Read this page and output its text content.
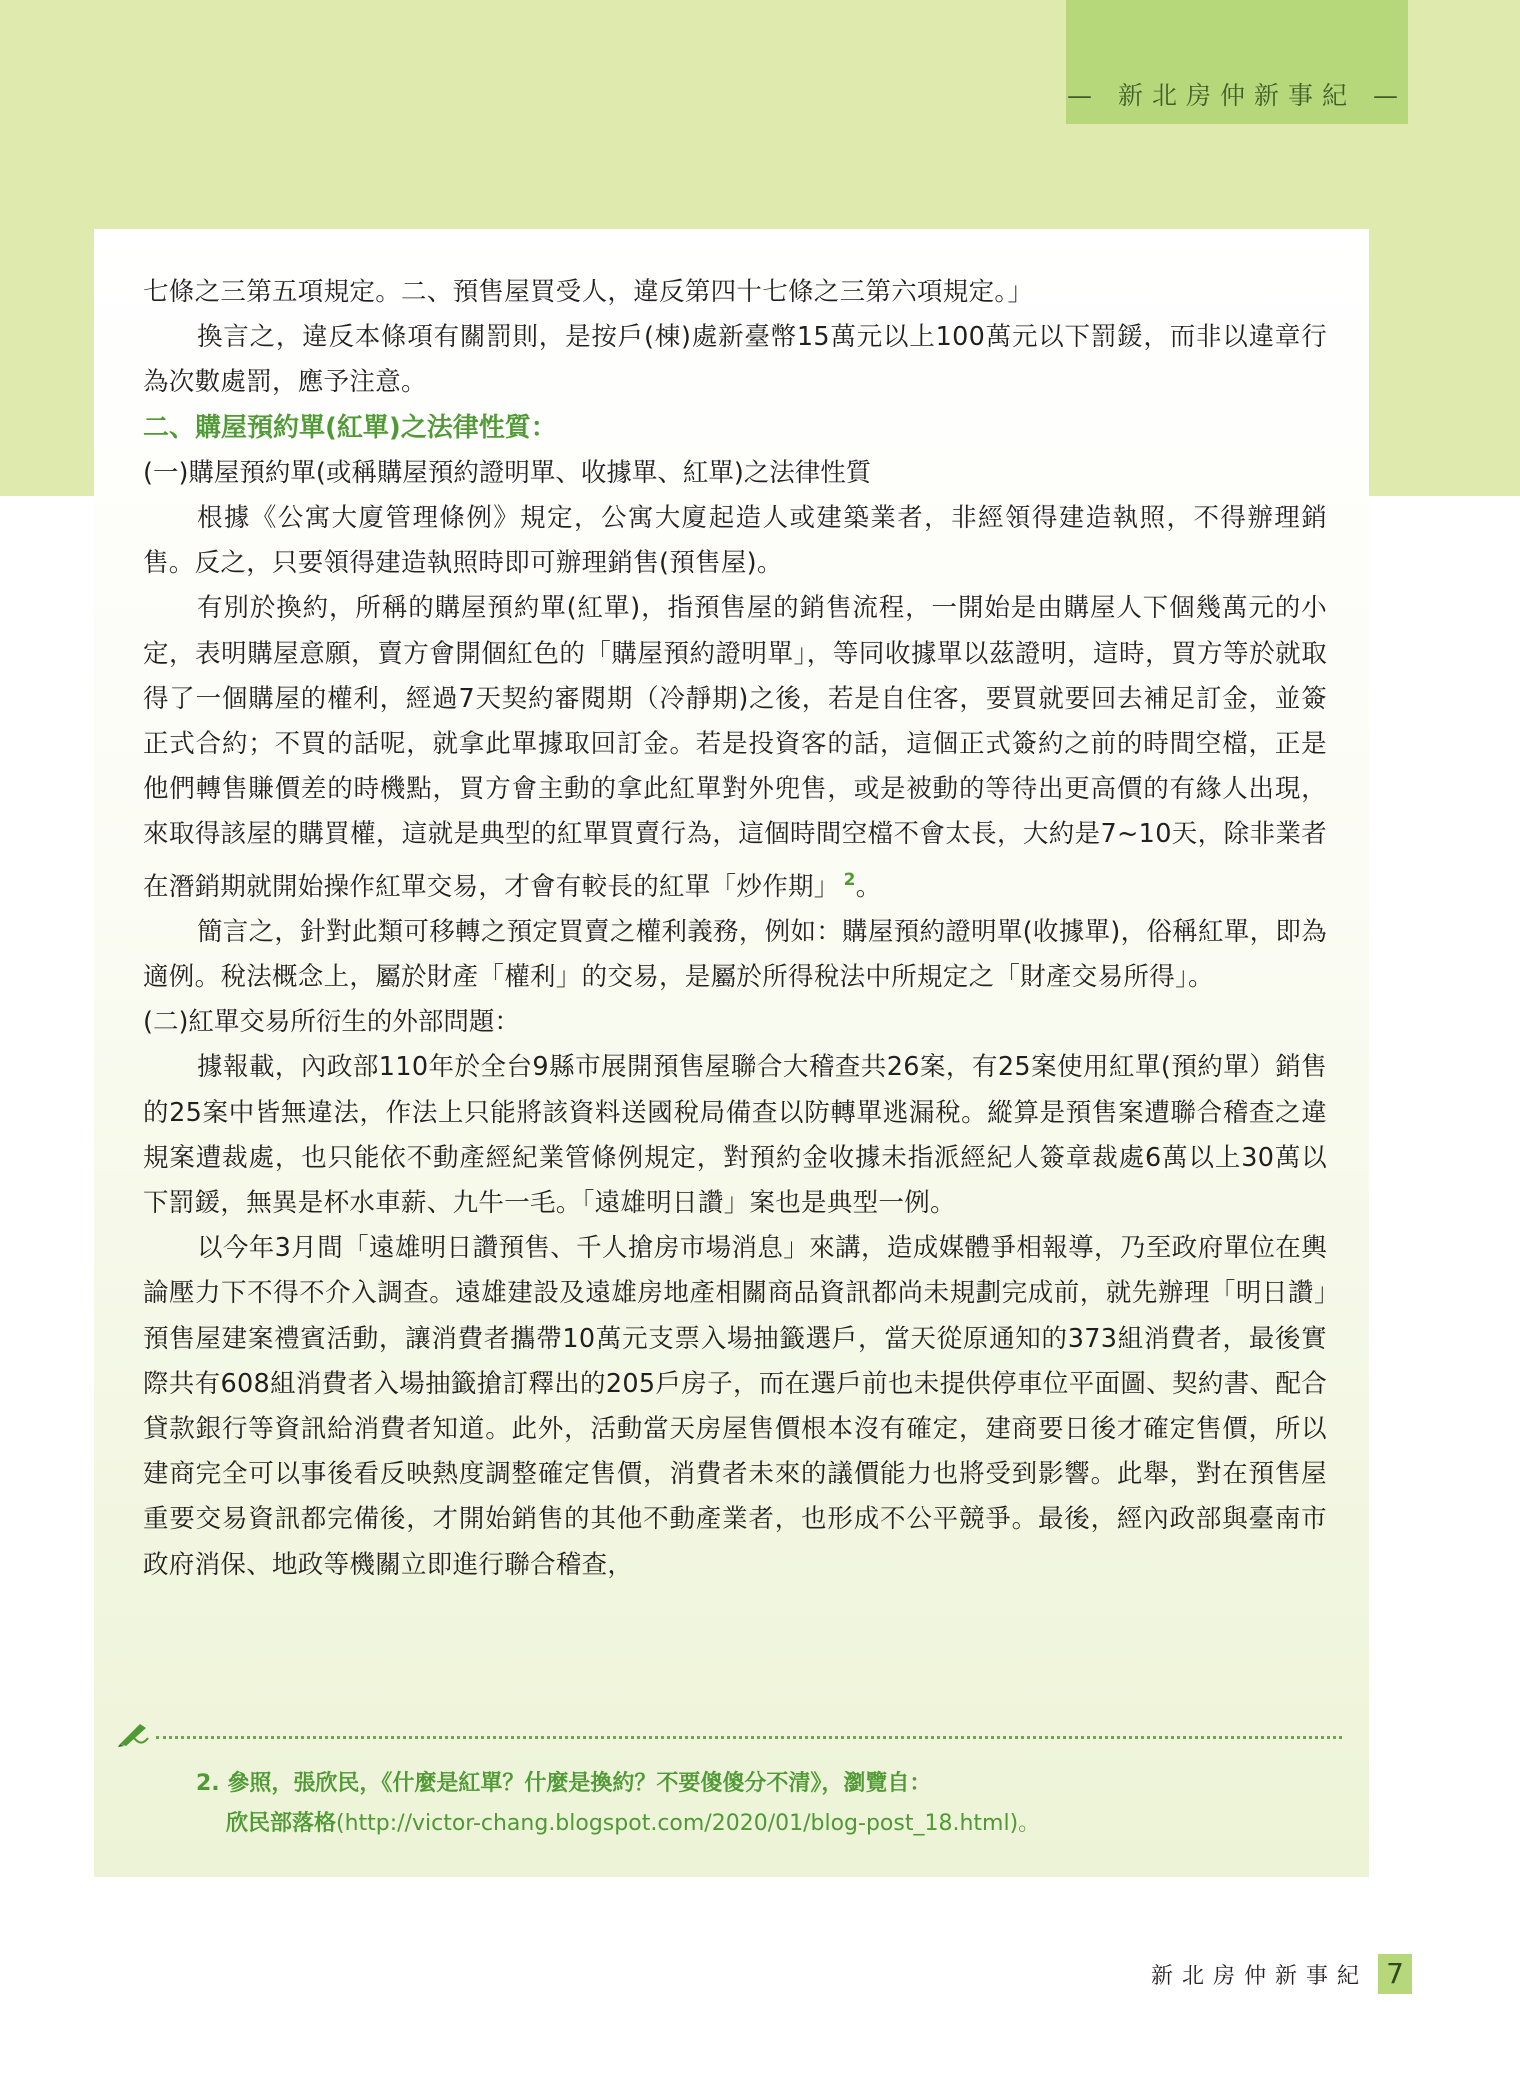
— 新北房仲新事紀 —

七條之三第五項規定。二、預售屋買受人，違反第四十七條之三第六項規定。」

換言之，違反本條項有關罰則，是按戶(棟)處新臺幣15萬元以上100萬元以下罰鍰，而非以違章行為次數處罰，應予注意。

二、購屋預約單(紅單)之法律性質：

(一)購屋預約單(或稱購屋預約證明單、收據單、紅單)之法律性質

根據《公寓大廈管理條例》規定，公寓大廈起造人或建築業者，非經領得建造執照，不得辦理銷售。反之，只要領得建造執照時即可辦理銷售(預售屋)。

有別於換約，所稱的購屋預約單(紅單)，指預售屋的銷售流程，一開始是由購屋人下個幾萬元的小定，表明購屋意願，賣方會開個紅色的「購屋預約證明單」，等同收據單以茲證明，這時，買方等於就取得了一個購屋的權利，經過7天契約審閱期（冷靜期)之後，若是自住客，要買就要回去補足訂金，並簽正式合約；不買的話呢，就拿此單據取回訂金。若是投資客的話，這個正式簽約之前的時間空檔，正是他們轉售賺價差的時機點，買方會主動的拿此紅單對外兜售，或是被動的等待出更高價的有緣人出現，來取得該屋的購買權，這就是典型的紅單買賣行為，這個時間空檔不會太長，大約是7~10天，除非業者在潛銷期就開始操作紅單交易，才會有較長的紅單「炒作期」 $^2$。

簡言之，針對此類可移轉之預定買賣之權利義務，例如：購屋預約證明單(收據單)，俗稱紅單，即為適例。稅法概念上，屬於財產「權利」的交易，是屬於所得稅法中所規定之「財產交易所得」。

(二)紅單交易所衍生的外部問題：

據報載，內政部110年於全台9縣市展開預售屋聯合大稽查共26案，有25案使用紅單(預約單）銷售的25案中皆無違法，作法上只能將該資料送國稅局備查以防轉單逃漏稅。縱算是預售案遭聯合稽查之違規案遭裁處，也只能依不動產經紀業管條例規定，對預約金收據未指派經紀人簽章裁處6萬以上30萬以下罰鍰，無異是杯水車薪、九牛一毛。「遠雄明日讚」案也是典型一例。

以今年3月間「遠雄明日讚預售、千人搶房市場消息」來講，造成媒體爭相報導，乃至政府單位在輿論壓力下不得不介入調查。遠雄建設及遠雄房地產相關商品資訊都尚未規劃完成前，就先辦理「明日讚」預售屋建案禮賓活動，讓消費者攜帶10萬元支票入場抽籤選戶，當天從原通知的373組消費者，最後實際共有608組消費者入場抽籤搶訂釋出的205戶房子，而在選戶前也未提供停車位平面圖、契約書、配合貸款銀行等資訊給消費者知道。此外，活動當天房屋售價根本沒有確定，建商要日後才確定售價，所以建商完全可以事後看反映熱度調整確定售價，消費者未來的議價能力也將受到影響。此舉，對在預售屋重要交易資訊都完備後，才開始銷售的其他不動產業者，也形成不公平競爭。最後，經內政部與臺南市政府消保、地政等機關立即進行聯合稽查，

2. 參照，張欣民，《什麼是紅單？什麼是換約？不要傻傻分不清》，瀏覽自：
欣民部落格(http://victor-chang.blogspot.com/2020/01/blog-post_18.html)。
新北房仲新事紀 7
